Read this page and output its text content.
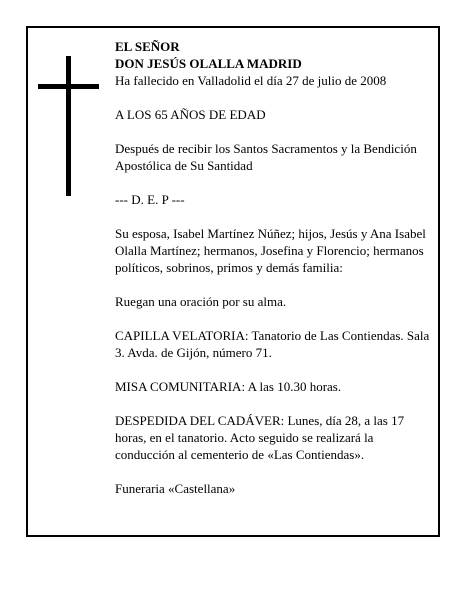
EL SEÑOR

DON JESÚS OLALLA MADRID

Ha fallecido en Valladolid el día 27 de julio de 2008

A LOS 65 AÑOS DE EDAD

Después de recibir los Santos Sacramentos y la Bendición Apostólica de Su Santidad

--- D. E. P ---

Su esposa, Isabel Martínez Núñez; hijos, Jesús y Ana Isabel Olalla Martínez; hermanos, Josefina y Florencio; hermanos políticos, sobrinos, primos y demás familia:

Ruegan una oración por su alma.

CAPILLA VELATORIA: Tanatorio de Las Contiendas. Sala 3. Avda. de Gijón, número 71.

MISA COMUNITARIA: A las 10.30 horas.

DESPEDIDA DEL CADÁVER: Lunes, día 28, a las 17 horas, en el tanatorio. Acto seguido se realizará la conducción al cementerio de «Las Contiendas».

Funeraria «Castellana»
